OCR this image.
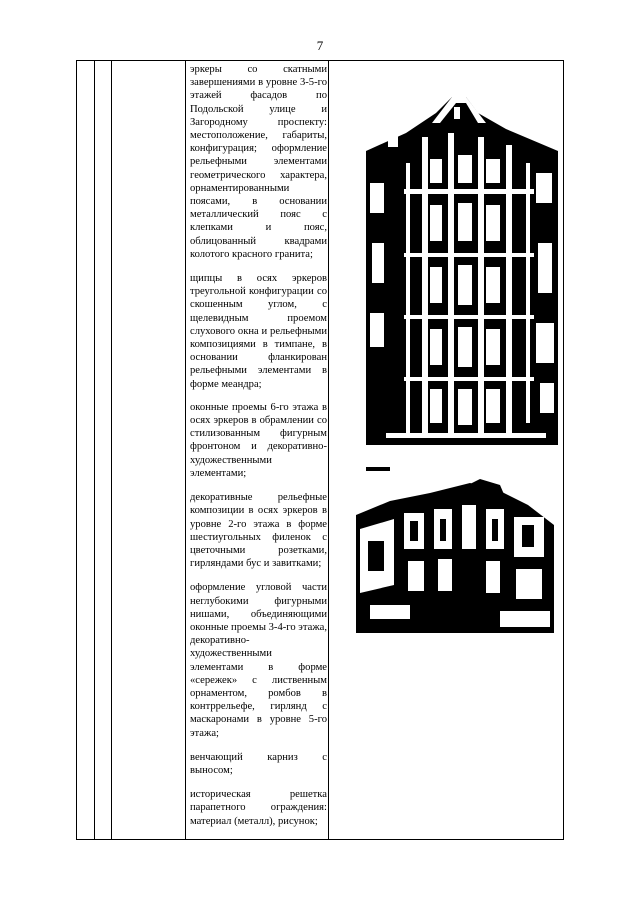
7

эркеры со скатными завершениями в уровне 3-5-го этажей фасадов по Подольской улице и Загородному проспекту: местоположение, габариты, конфигурация; оформление рельефными элементами геометрического характера, орнаментированными поясами, в основании металлический пояс с клепками и пояс, облицованный квадрами колотого красного гранита;

щипцы в осях эркеров треугольной конфигурации со скошенным углом, с щелевидным проемом слухового окна и рельефными композициями в тимпане, в основании фланкирован рельефными элементами в форме меандра;

оконные проемы 6-го этажа в осях эркеров в обрамлении со стилизованным фигурным фронтоном и декоративно-художественными элементами;

декоративные рельефные композиции в осях эркеров в уровне 2-го этажа в форме шестиугольных филенок с цветочными розетками, гирляндами бус и завитками;

оформление угловой части неглубокими фигурными нишами, объединяющими оконные проемы 3-4-го этажа, декоративно-художественными элементами в форме «сережек» с лиственным орнаментом, ромбов в контррельефе, гирлянд с маскаронами в уровне 5-го этажа;

венчающий карниз с выносом;

историческая решетка парапетного ограждения: материал (металл), рисунок;
